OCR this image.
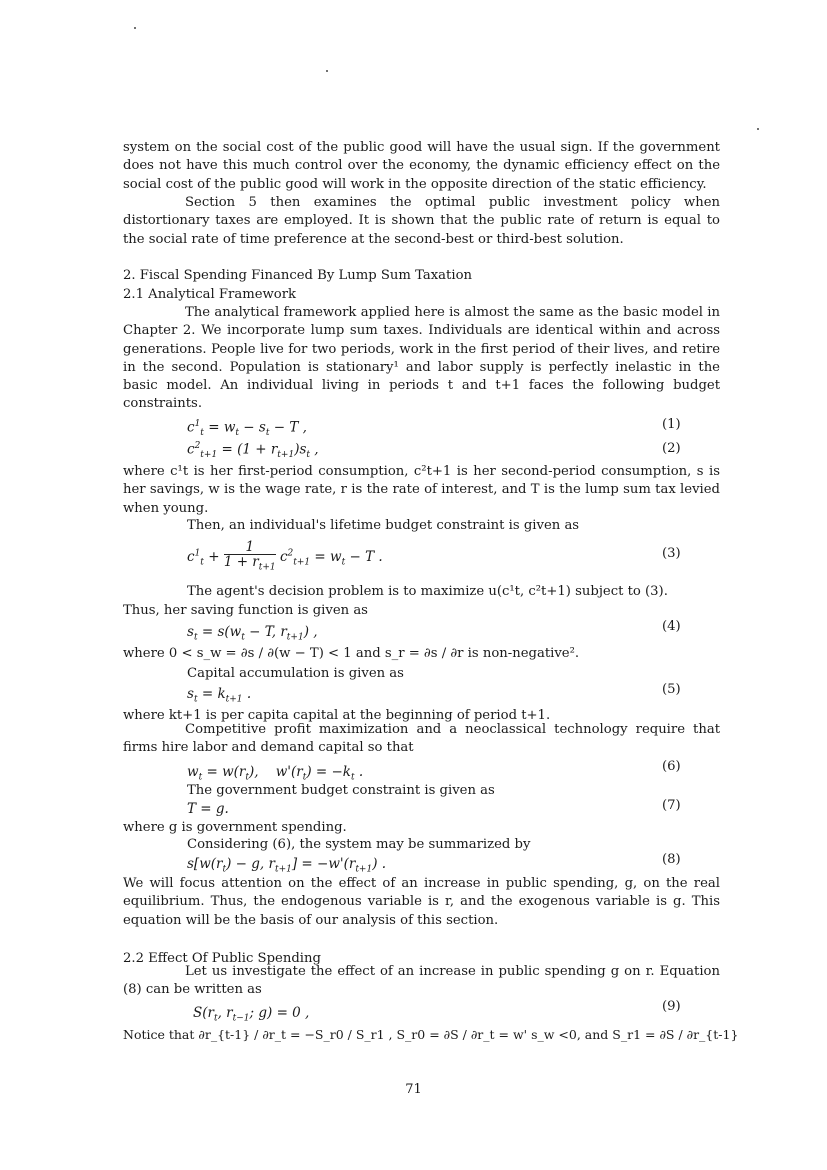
system on the social cost of the public good will have the usual sign. If the government does not have this much control over the economy, the dynamic efficiency effect on the social cost of the public good will work in the opposite direction of the static efficiency.
Section 5 then examines the optimal public investment policy when distortionary taxes are employed. It is shown that the public rate of return is equal to the social rate of time preference at the second-best or third-best solution.
2. Fiscal Spending Financed By Lump Sum Taxation
2.1 Analytical Framework
The analytical framework applied here is almost the same as the basic model in Chapter 2. We incorporate lump sum taxes. Individuals are identical within and across generations. People live for two periods, work in the first period of their lives, and retire in the second. Population is stationary¹ and labor supply is perfectly inelastic in the basic model. An individual living in periods t and t+1 faces the following budget constraints.
$c^1_t = w_t - s_t - T$ ,	(1)
$c^2_{t+1} = (1 + r_{t+1})s_t$ ,	(2)
where c¹t is her first-period consumption, c²t+1 is her second-period consumption, s is her savings, w is the wage rate, r is the rate of interest, and T is the lump sum tax levied when young.
Then, an individual's lifetime budget constraint is given as
$c^1_t + \frac{1}{1 + r_{t+1}} c^2_{t+1} = w_t - T$ .	(3)
The agent's decision problem is to maximize u(c¹t, c²t+1) subject to (3).
Thus, her saving function is given as
$s_t = s(w_t - T$, $r_{t+1}$) ,	(4)
where 0 < s_w = ∂s / ∂(w − T) < 1 and s_r = ∂s / ∂r is non-negative².
Capital accumulation is given as
$s_t = k_{t+1}$ .	(5)
where kt+1 is per capita capital at the beginning of period t+1.
Competitive profit maximization and a neoclassical technology require that firms hire labor and demand capital so that
$w_t = w(r_t)$,    $w'(r_t) = -k_t$ .	(6)
The government budget constraint is given as
T = g.	(7)
where g is government spending.
Considering (6), the system may be summarized by
$s[w(r_t) - g$, $r_{t+1}] = -w'(r_{t+1})$ .	(8)
We will focus attention on the effect of an increase in public spending, g, on the real equilibrium. Thus, the endogenous variable is r, and the exogenous variable is g. This equation will be the basis of our analysis of this section.
2.2 Effect Of Public Spending
Let us investigate the effect of an increase in public spending g on r. Equation (8) can be written as
$S(r_t$, $r_{t-1}$; g) = 0 ,	(9)
Notice that ∂r_{t-1} / ∂r_t = −S_r0 / S_r1 , S_r0 = ∂S / ∂r_t = w' s_w <0, and S_r1 = ∂S / ∂r_{t-1}
71
